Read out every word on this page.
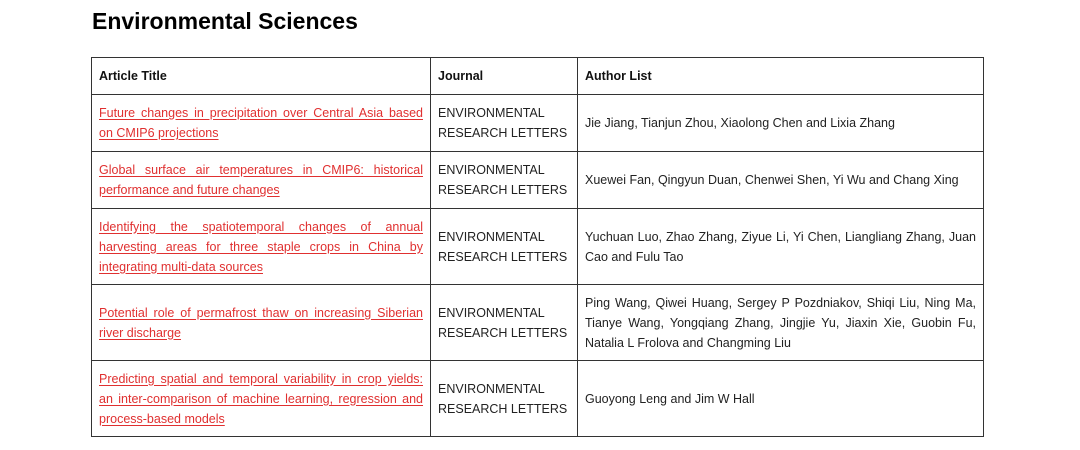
Environmental Sciences
Article Title	Journal	Author List
Future changes in precipitation over Central Asia based on CMIP6 projections	ENVIRONMENTAL RESEARCH LETTERS	Jie Jiang, Tianjun Zhou, Xiaolong Chen and Lixia Zhang
Global surface air temperatures in CMIP6: historical performance and future changes	ENVIRONMENTAL RESEARCH LETTERS	Xuewei Fan, Qingyun Duan, Chenwei Shen, Yi Wu and Chang Xing
Identifying the spatiotemporal changes of annual harvesting areas for three staple crops in China by integrating multi-data sources	ENVIRONMENTAL RESEARCH LETTERS	Yuchuan Luo, Zhao Zhang, Ziyue Li, Yi Chen, Liangliang Zhang, Juan Cao and Fulu Tao
Potential role of permafrost thaw on increasing Siberian river discharge	ENVIRONMENTAL RESEARCH LETTERS	Ping Wang, Qiwei Huang, Sergey P Pozdniakov, Shiqi Liu, Ning Ma, Tianye Wang, Yongqiang Zhang, Jingjie Yu, Jiaxin Xie, Guobin Fu, Natalia L Frolova and Changming Liu
Predicting spatial and temporal variability in crop yields: an inter-comparison of machine learning, regression and process-based models	ENVIRONMENTAL RESEARCH LETTERS	Guoyong Leng and Jim W Hall
